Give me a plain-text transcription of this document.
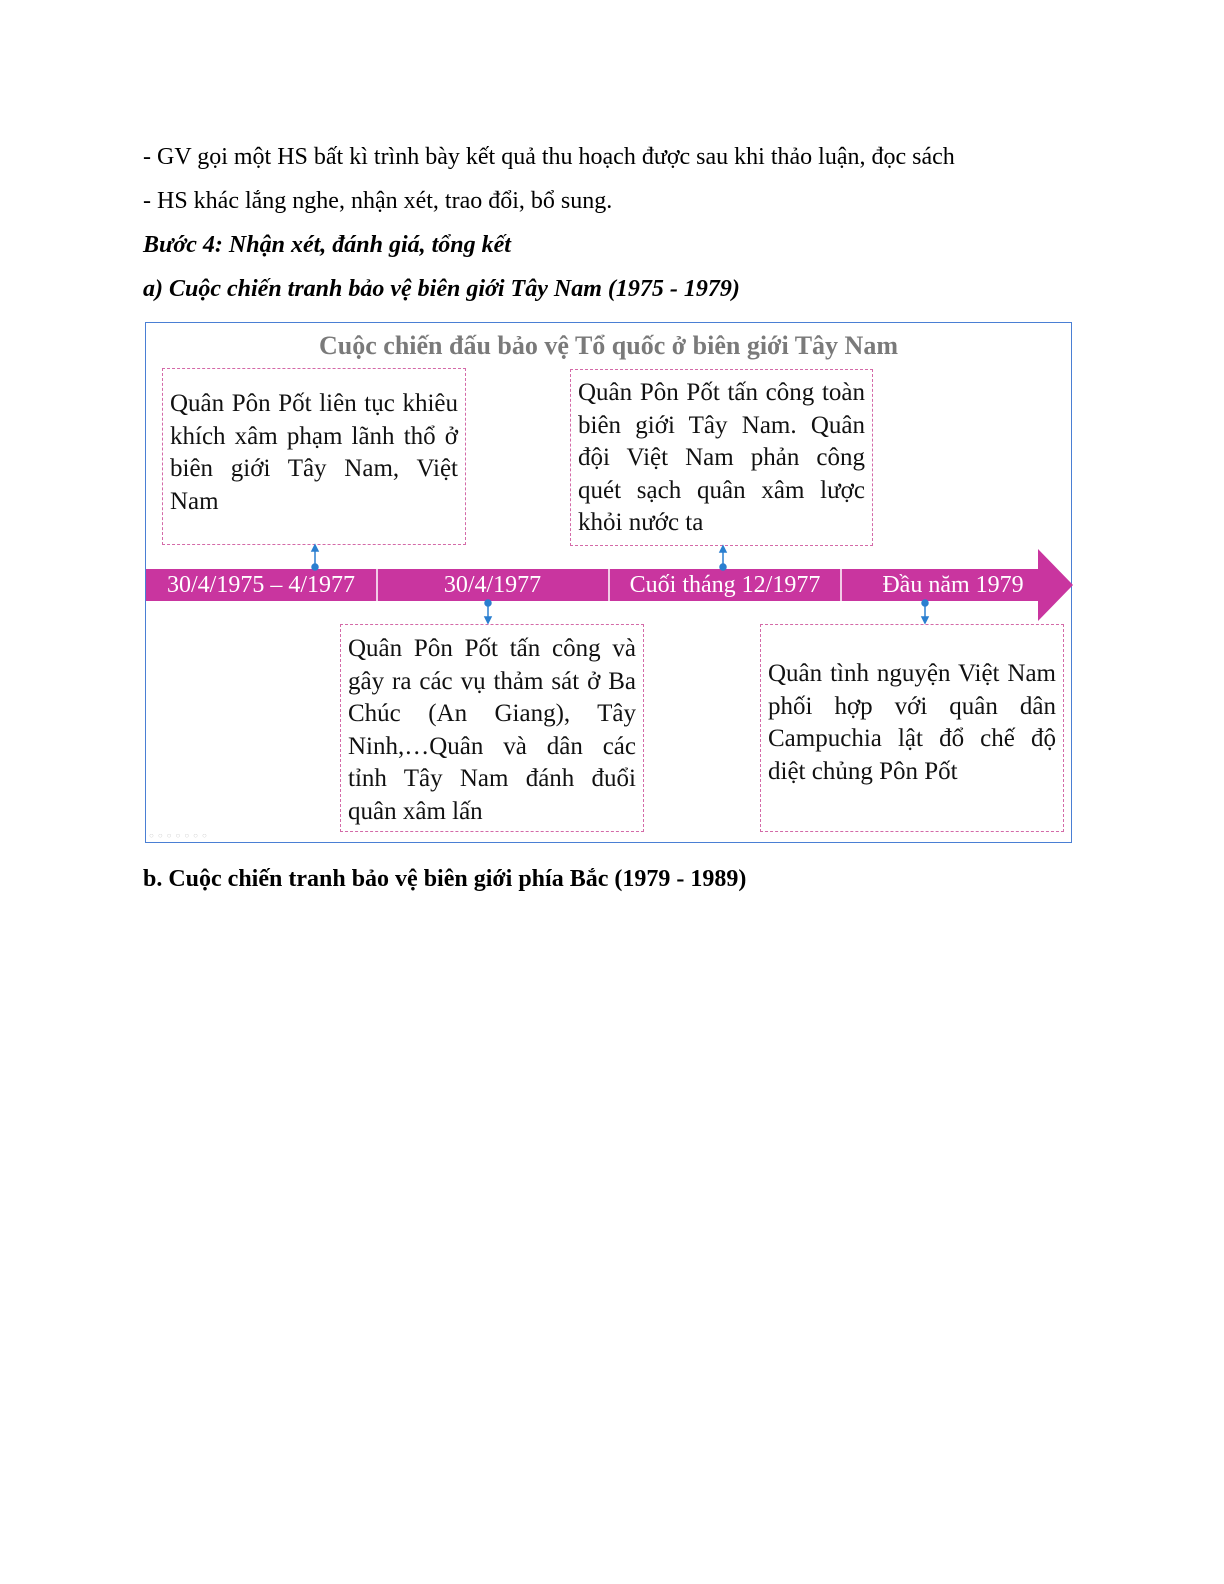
- GV gọi một HS bất kì trình bày kết quả thu hoạch được sau khi thảo luận, đọc sách
- HS khác lắng nghe, nhận xét, trao đổi, bổ sung.
Bước 4: Nhận xét, đánh giá, tổng kết
a) Cuộc chiến tranh bảo vệ biên giới Tây Nam (1975 - 1979)
Cuộc chiến đấu bảo vệ Tổ quốc ở biên giới Tây Nam
Quân Pôn Pốt liên tục khiêu khích xâm phạm lãnh thổ ở biên giới Tây Nam, Việt Nam
Quân Pôn Pốt tấn công toàn biên giới Tây Nam. Quân đội Việt Nam phản công quét sạch quân xâm lược khỏi nước ta
Quân Pôn Pốt tấn công và gây ra các vụ thảm sát ở Ba Chúc (An Giang), Tây Ninh,…Quân và dân các tỉnh Tây Nam đánh đuổi quân xâm lấn
Quân tình nguyện Việt Nam phối hợp với quân dân Campuchia lật đổ chế độ diệt chủng Pôn Pốt
30/4/1975 – 4/1977	30/4/1977	Cuối tháng 12/1977	Đầu năm 1979
○ ○ ○ ○ ○ ○ ○
b. Cuộc chiến tranh bảo vệ biên giới phía Bắc (1979 - 1989)
